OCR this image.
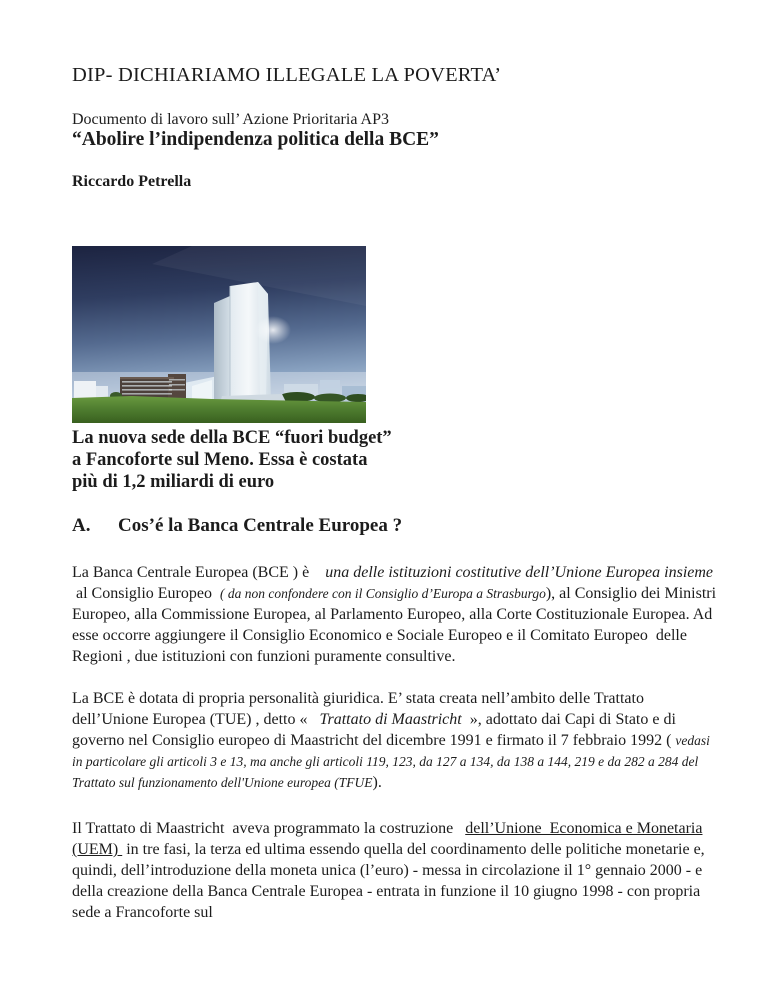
DIP- DICHIARIAMO ILLEGALE LA POVERTA’
Documento di lavoro sull’ Azione Prioritaria AP3
“Abolire l’indipendenza politica della BCE”
Riccardo Petrella
La nuova sede della BCE “fuori budget”
a Fancoforte sul Meno. Essa è costata
più di 1,2 miliardi di euro
A. Cos’é la Banca Centrale Europea ?
La Banca Centrale Europea (BCE ) è    una delle istituzioni costitutive dell’Unione Europea insieme  al Consiglio Europeo  ( da non confondere con il Consiglio d’Europa a Strasburgo), al Consiglio dei Ministri Europeo, alla Commissione Europea, al Parlamento Europeo, alla Corte Costituzionale Europea. Ad esse occorre aggiungere il Consiglio Economico e Sociale Europeo e il Comitato Europeo  delle Regioni , due istituzioni con funzioni puramente consultive.
La BCE è dotata di propria personalità giuridica. E’ stata creata nell’ambito delle Trattato dell’Unione Europea (TUE) , detto «   Trattato di Maastricht  », adottato dai Capi di Stato e di governo nel Consiglio europeo di Maastricht del dicembre 1991 e firmato il 7 febbraio 1992 ( vedasi in particolare gli articoli 3 e 13, ma anche gli articoli 119, 123, da 127 a 134, da 138 a 144, 219 e da 282 a 284 del Trattato sul funzionamento dell'Unione europea (TFUE).
Il Trattato di Maastricht  aveva programmato la costruzione   dell’Unione  Economica e Monetaria (UEM)  in tre fasi, la terza ed ultima essendo quella del coordinamento delle politiche monetarie e, quindi, dell’introduzione della moneta unica (l’euro) - messa in circolazione il 1° gennaio 2000 - e della creazione della Banca Centrale Europea - entrata in funzione il 10 giugno 1998 - con propria sede a Francoforte sul
